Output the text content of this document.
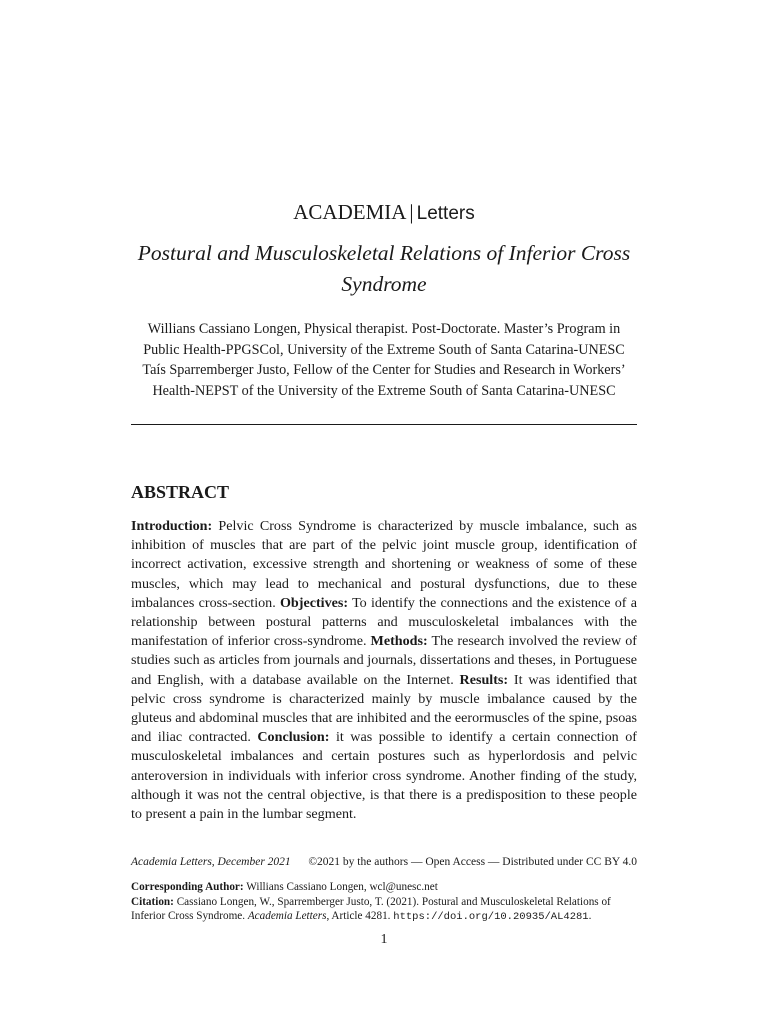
ACADEMIA | Letters
Postural and Musculoskeletal Relations of Inferior Cross Syndrome
Willians Cassiano Longen, Physical therapist. Post-Doctorate. Master’s Program in
Public Health-PPGSCol, University of the Extreme South of Santa Catarina-UNESC
Taís Sparremberger Justo, Fellow of the Center for Studies and Research in Workers’
Health-NEPST of the University of the Extreme South of Santa Catarina-UNESC
ABSTRACT

Introduction: Pelvic Cross Syndrome is characterized by muscle imbalance, such as inhibition of muscles that are part of the pelvic joint muscle group, identification of incorrect activation, excessive strength and shortening or weakness of some of these muscles, which may lead to mechanical and postural dysfunctions, due to these imbalances cross-section. Objectives: To identify the connections and the existence of a relationship between postural patterns and musculoskeletal imbalances with the manifestation of inferior cross-syndrome. Methods: The research involved the review of studies such as articles from journals and journals, dissertations and theses, in Portuguese and English, with a database available on the Internet. Results: It was identified that pelvic cross syndrome is characterized mainly by muscle imbalance caused by the gluteus and abdominal muscles that are inhibited and the eerormuscles of the spine, psoas and iliac contracted. Conclusion: it was possible to identify a certain connection of musculoskeletal imbalances and certain postures such as hyperlordosis and pelvic anteroversion in individuals with inferior cross syndrome. Another finding of the study, although it was not the central objective, is that there is a predisposition to these people to present a pain in the lumbar segment.

Academia Letters, December 2021 ©2021 by the authors — Open Access — Distributed under CC BY 4.0
Corresponding Author: Willians Cassiano Longen, wcl@unesc.net
Citation: Cassiano Longen, W., Sparremberger Justo, T. (2021). Postural and Musculoskeletal Relations of Inferior Cross Syndrome. Academia Letters, Article 4281. https://doi.org/10.20935/AL4281.
1
